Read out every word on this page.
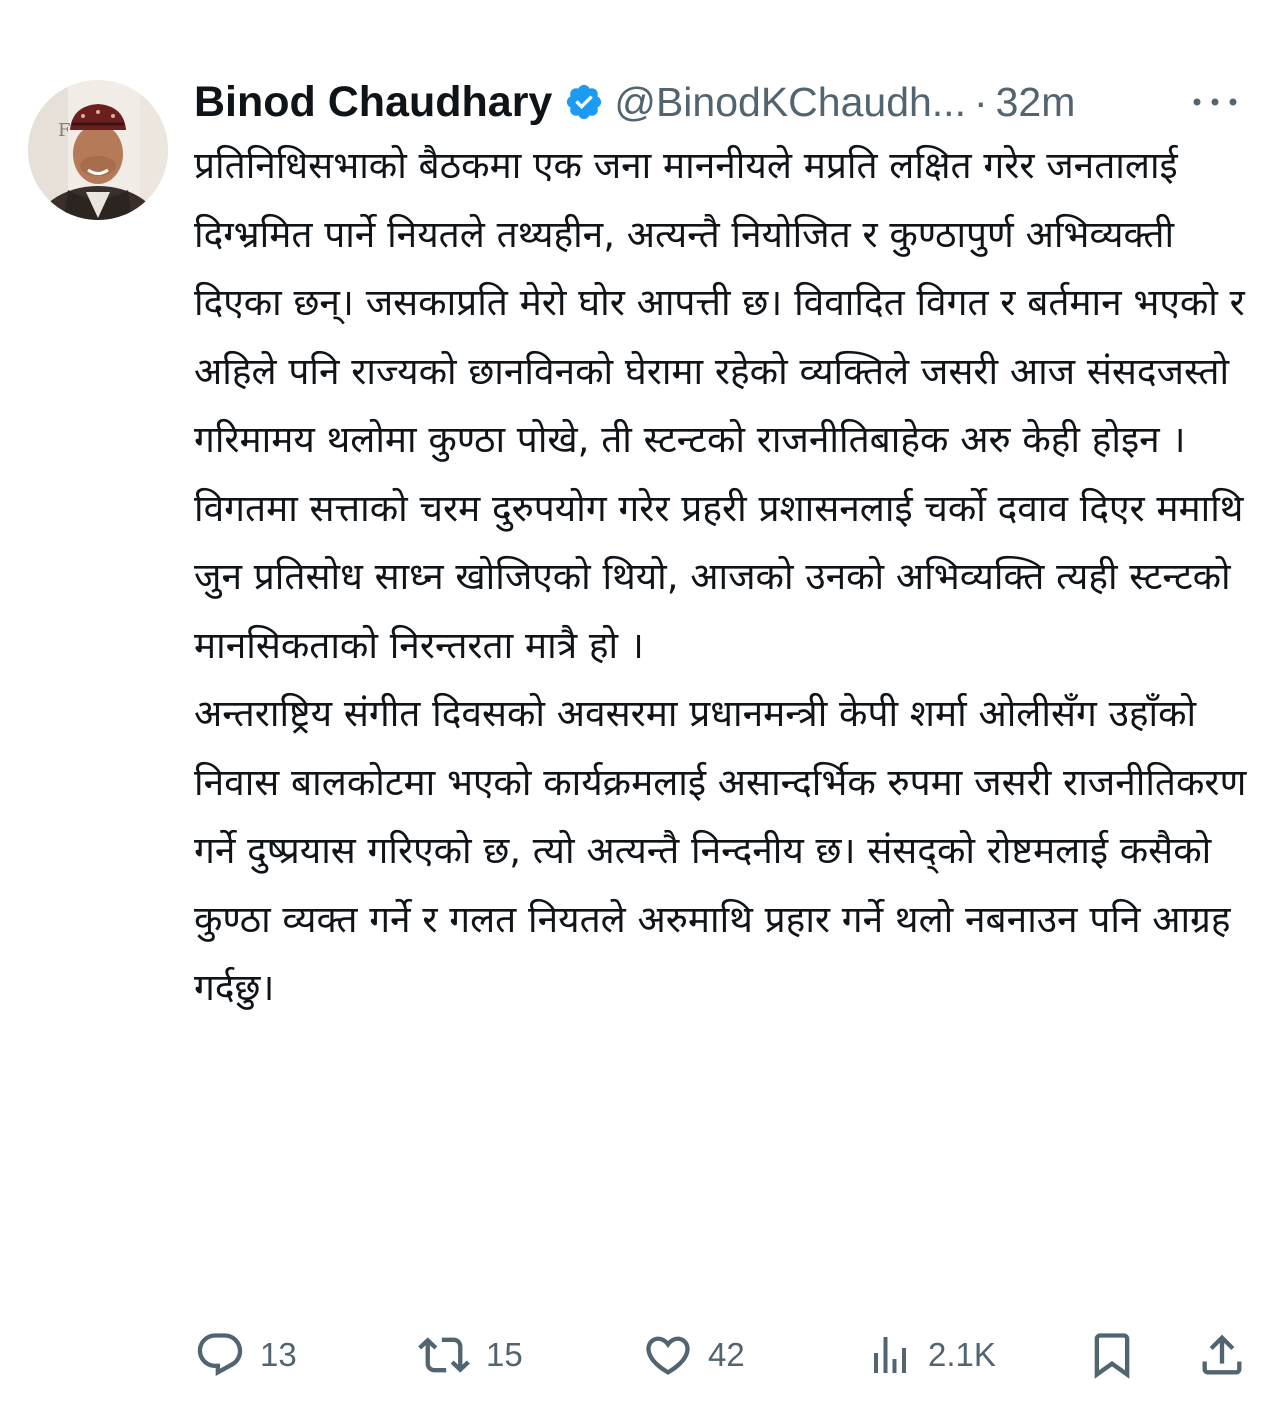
F
Binod Chaudhary @BinodKChaudh... · 32m

प्रतिनिधिसभाको बैठकमा एक जना माननीयले मप्रति लक्षित गरेर जनतालाई दिग्भ्रमित पार्ने नियतले तथ्यहीन, अत्यन्तै नियोजित र कुण्ठापुर्ण अभिव्यक्ती दिएका छन्। जसकाप्रति मेरो घोर आपत्ती छ। विवादित विगत र बर्तमान भएको र अहिले पनि राज्यको छानविनको घेरामा रहेको व्यक्तिले जसरी आज संसदजस्तो गरिमामय थलोमा कुण्ठा पोखे, ती स्टन्टको राजनीतिबाहेक अरु केही होइन ।

विगतमा सत्ताको चरम दुरुपयोग गरेर प्रहरी प्रशासनलाई चर्को दवाव दिएर ममाथि जुन प्रतिसोध साध्न खोजिएको थियो, आजको उनको अभिव्यक्ति त्यही स्टन्टको मानसिकताको निरन्तरता मात्रै हो ।

अन्तराष्ट्रिय संगीत दिवसको अवसरमा प्रधानमन्त्री केपी शर्मा ओलीसँग उहाँको निवास बालकोटमा भएको कार्यक्रमलाई असान्दर्भिक रुपमा जसरी राजनीतिकरण गर्ने दुष्प्रयास गरिएको छ, त्यो अत्यन्तै निन्दनीय छ। संसद्को रोष्टमलाई कसैको कुण्ठा व्यक्त गर्ने र गलत नियतले अरुमाथि प्रहार गर्ने थलो नबनाउन पनि आग्रह गर्दछु।

13	15	42	2.1K
